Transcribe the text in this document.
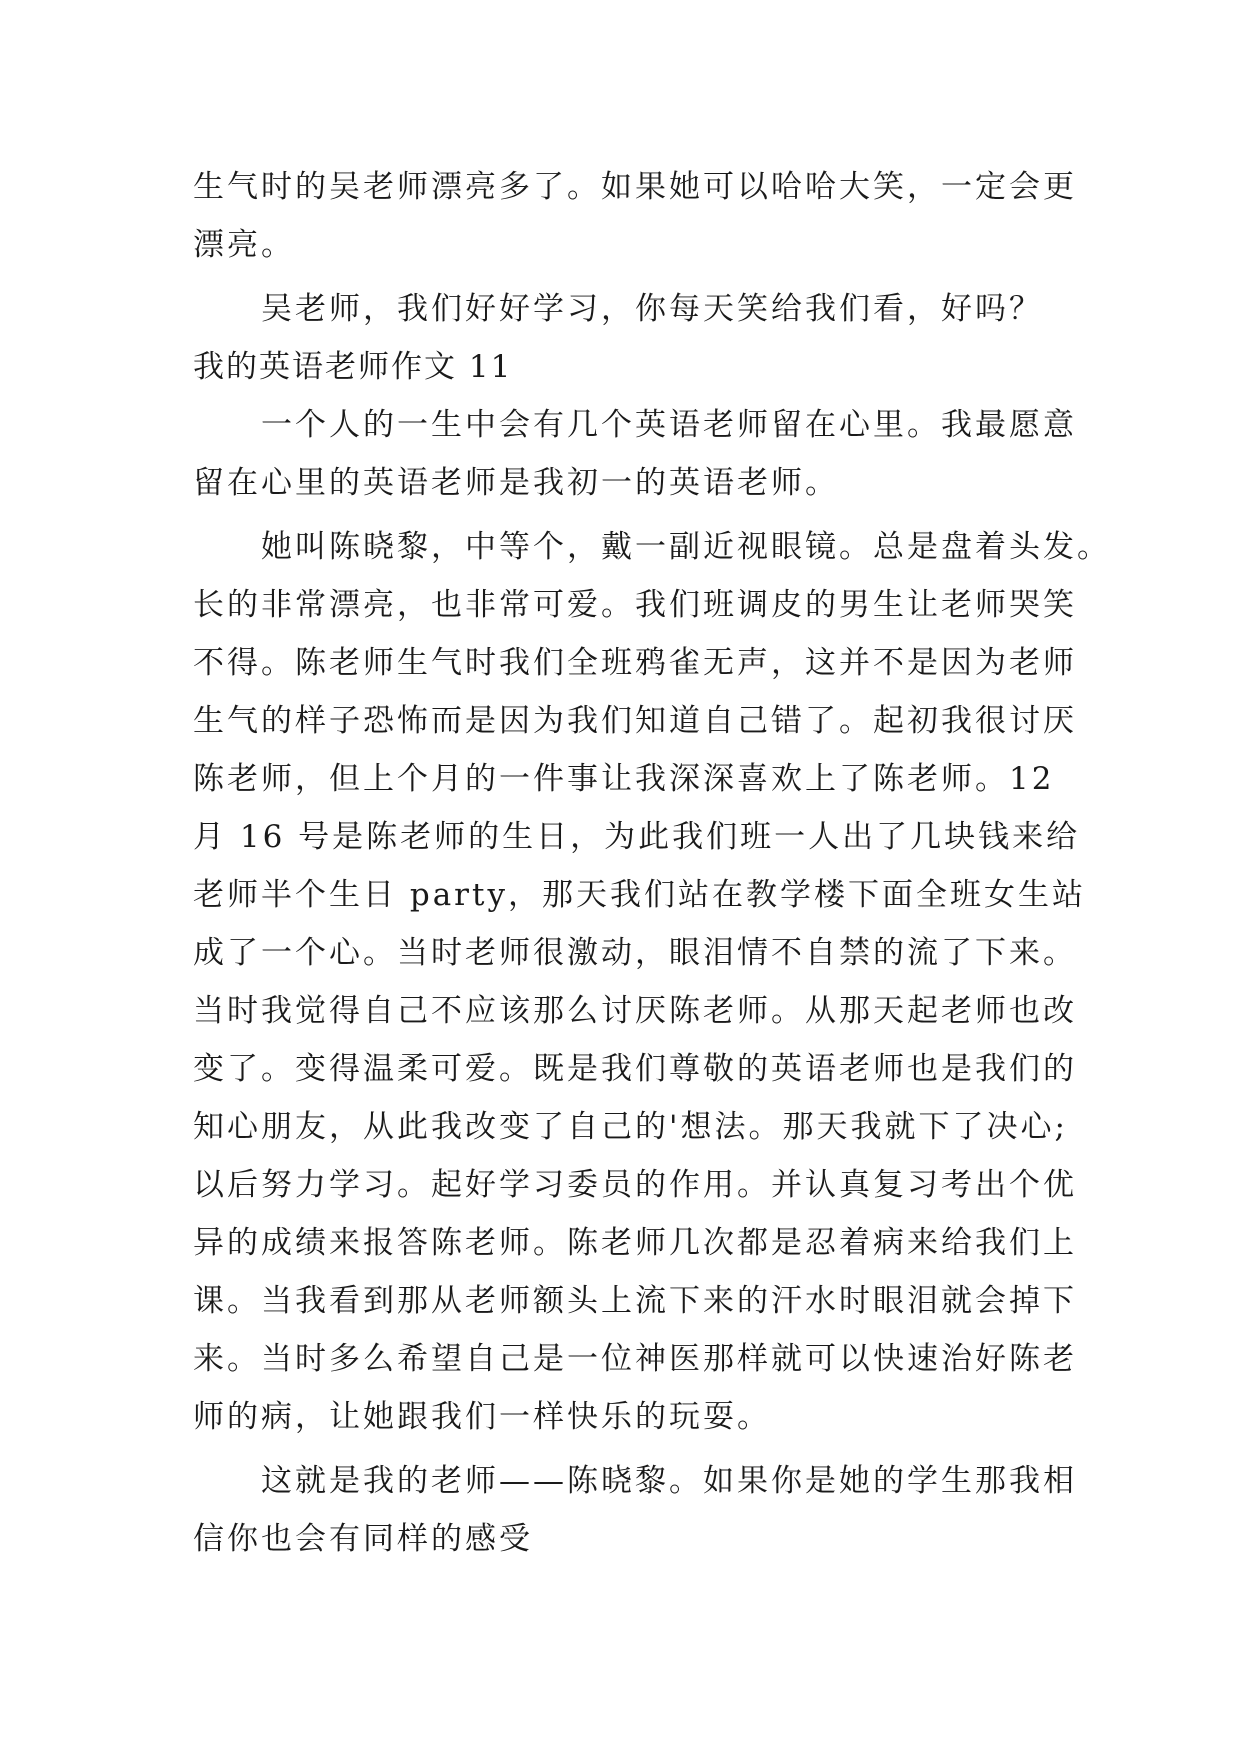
生气时的吴老师漂亮多了。如果她可以哈哈大笑，一定会更
漂亮。
　　吴老师，我们好好学习，你每天笑给我们看，好吗？
我的英语老师作文 11
　　一个人的一生中会有几个英语老师留在心里。我最愿意
留在心里的英语老师是我初一的英语老师。
　　她叫陈晓黎，中等个，戴一副近视眼镜。总是盘着头发。
长的非常漂亮，也非常可爱。我们班调皮的男生让老师哭笑
不得。陈老师生气时我们全班鸦雀无声，这并不是因为老师
生气的样子恐怖而是因为我们知道自己错了。起初我很讨厌
陈老师，但上个月的一件事让我深深喜欢上了陈老师。12
月 16 号是陈老师的生日，为此我们班一人出了几块钱来给
老师半个生日 party，那天我们站在教学楼下面全班女生站
成了一个心。当时老师很激动，眼泪情不自禁的流了下来。
当时我觉得自己不应该那么讨厌陈老师。从那天起老师也改
变了。变得温柔可爱。既是我们尊敬的英语老师也是我们的
知心朋友，从此我改变了自己的'想法。那天我就下了决心;
以后努力学习。起好学习委员的作用。并认真复习考出个优
异的成绩来报答陈老师。陈老师几次都是忍着病来给我们上
课。当我看到那从老师额头上流下来的汗水时眼泪就会掉下
来。当时多么希望自己是一位神医那样就可以快速治好陈老
师的病，让她跟我们一样快乐的玩耍。
　　这就是我的老师——陈晓黎。如果你是她的学生那我相
信你也会有同样的感受
